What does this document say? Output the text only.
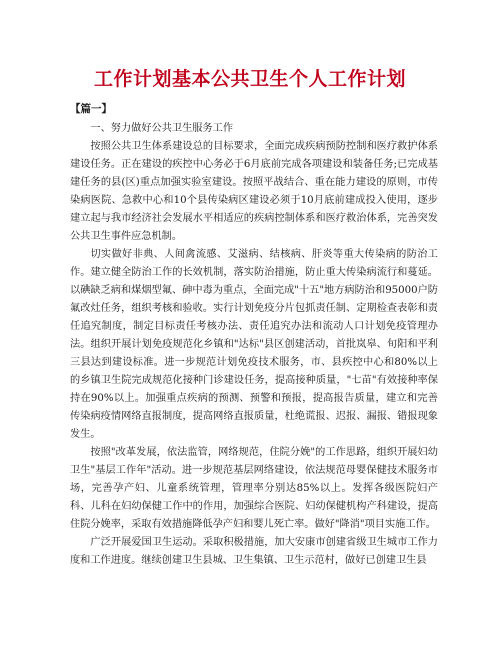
工作计划基本公共卫生个人工作计划
【篇一】

一、努力做好公共卫生服务工作

按照公共卫生体系建设总的目标要求，全面完成疾病预防控制和医疗救护体系建设任务。正在建设的疾控中心务必于6月底前完成各项建设和装备任务;已完成基建任务的县(区)重点加强实验室建设。按照平战结合、重在能力建设的原则，市传染病医院、急救中心和10个县传染病区建设必须于10月底前建成投入使用，逐步建立起与我市经济社会发展水平相适应的疾病控制体系和医疗救治体系，完善突发公共卫生事件应急机制。

切实做好非典、人间禽流感、艾滋病、结核病、肝炎等重大传染病的防治工作。建立健全防治工作的长效机制，落实防治措施，防止重大传染病流行和蔓延。以碘缺乏病和煤烟型氟、砷中毒为重点，全面完成"十五"地方病防治和95000户防氟改灶任务，组织考核和验收。实行计划免疫分片包抓责任制、定期检查表彰和责任追究制度，制定目标责任考核办法、责任追究办法和流动人口计划免疫管理办法。组织开展计划免疫规范化乡镇和"达标"县区创建活动，首批岚皋、旬阳和平利三县达到建设标准。进一步规范计划免疫技术服务，市、县疾控中心和80%以上的乡镇卫生院完成规范化接种门诊建设任务，提高接种质量，"七苗"有效接种率保持在90%以上。加强重点疾病的预测、预警和预报，提高报告质量，建立和完善传染病疫情网络直报制度，提高网络直报质量，杜绝谎报、迟报、漏报、错报现象发生。

按照"改革发展，依法监管，网络规范，住院分娩"的工作思路，组织开展妇幼卫生"基层工作年"活动。进一步规范基层网络建设，依法规范母婴保健技术服务市场，完善孕产妇、儿童系统管理，管理率分别达85%以上。发挥各级医院妇产科、儿科在妇幼保健工作中的作用，加强综合医院、妇幼保健机构产科建设，提高住院分娩率，采取有效措施降低孕产妇和婴儿死亡率。做好"降消"项目实施工作。

广泛开展爱国卫生运动。采取积极措施，加大安康市创建省级卫生城市工作力度和工作进度。继续创建卫生县城、卫生集镇、卫生示范村，做好已创建卫生县
